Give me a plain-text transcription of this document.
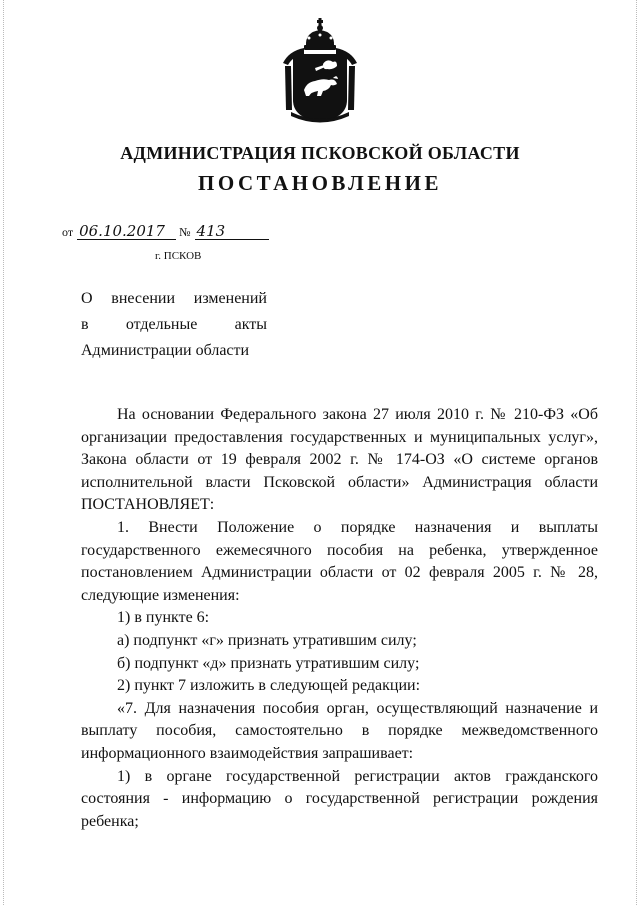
АДМИНИСТРАЦИЯ ПСКОВСКОЙ ОБЛАСТИ
ПОСТАНОВЛЕНИЕ
от 06.10.2017 № 413
г. ПСКОВ
О внесении изменений
в отдельные акты
Администрации области

На основании Федерального закона 27 июля 2010 г. № 210-ФЗ «Об организации предоставления государственных и муниципальных услуг», Закона области от 19 февраля 2002 г. № 174-ОЗ «О системе органов исполнительной власти Псковской области» Администрация области ПОСТАНОВЛЯЕТ:

1. Внести Положение о порядке назначения и выплаты государственного ежемесячного пособия на ребенка, утвержденное постановлением Администрации области от 02 февраля 2005 г. № 28, следующие изменения:

1) в пункте 6:

а) подпункт «г» признать утратившим силу;

б) подпункт «д» признать утратившим силу;

2) пункт 7 изложить в следующей редакции:

«7. Для назначения пособия орган, осуществляющий назначение и выплату пособия, самостоятельно в порядке межведомственного информационного взаимодействия запрашивает:

1) в органе государственной регистрации актов гражданского состояния - информацию о государственной регистрации рождения ребенка;
